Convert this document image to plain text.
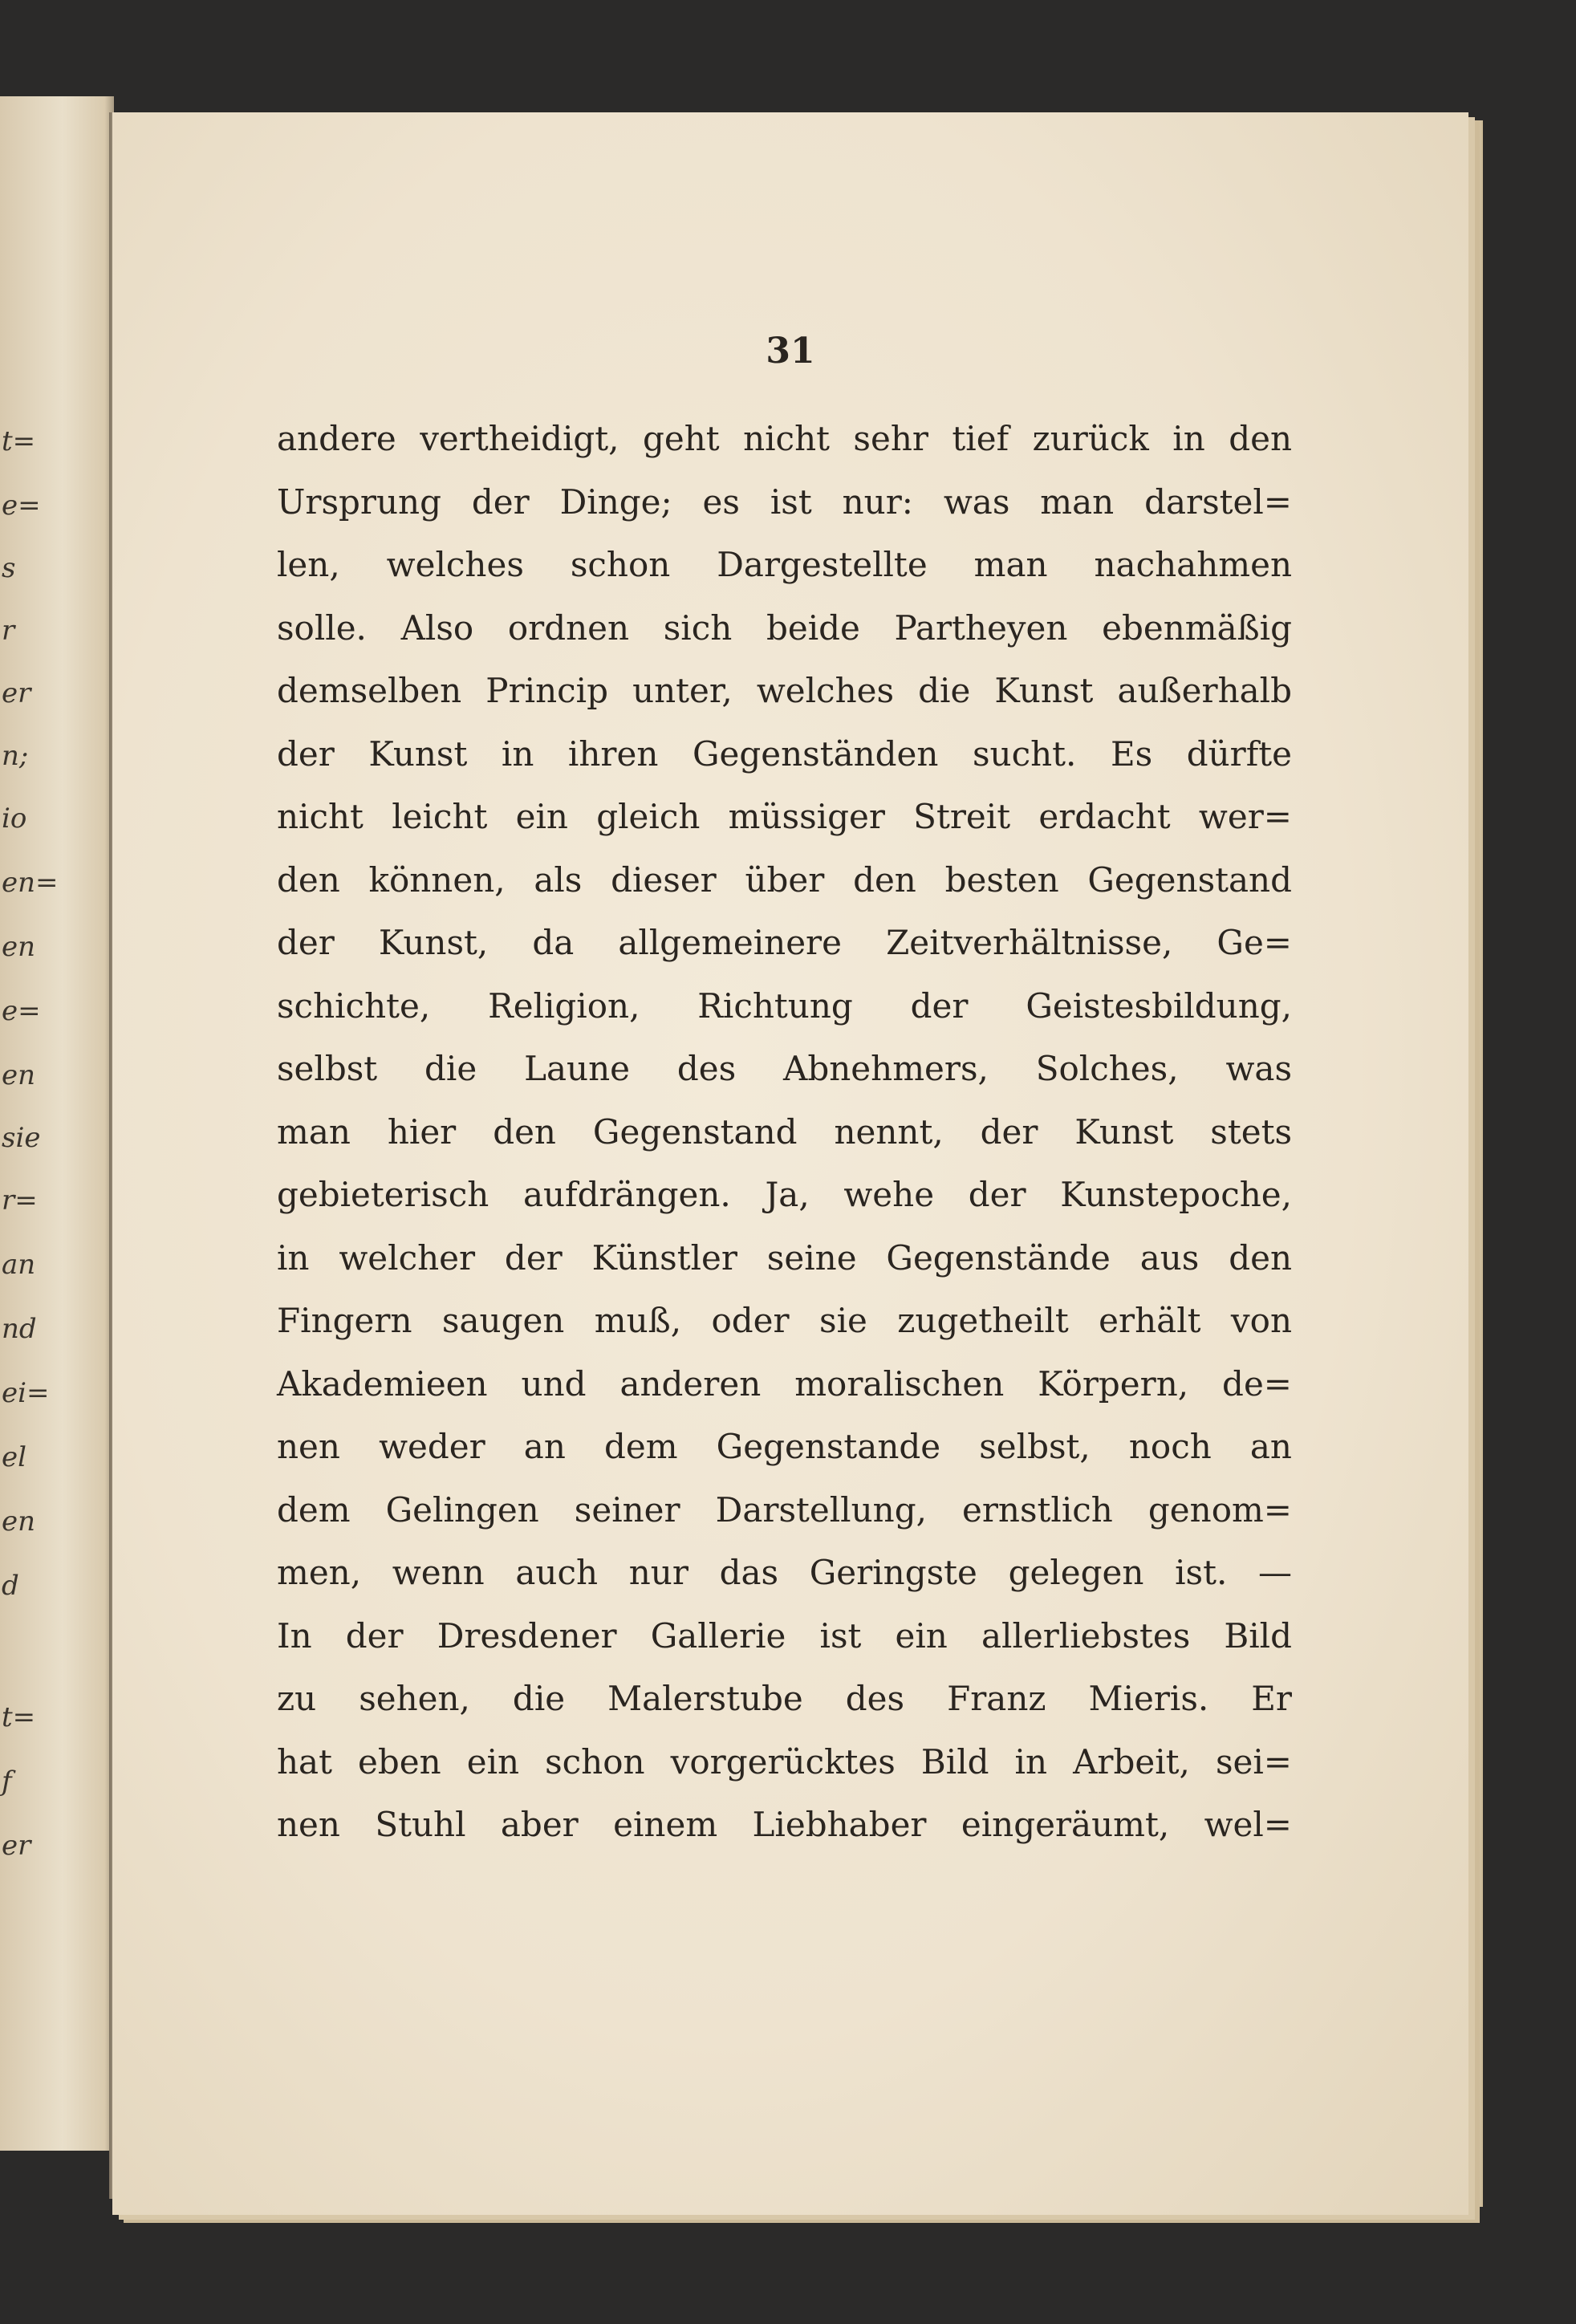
t=
e=
s
r
er
n;
io
en=
en
e=
en
sie
r=
an
nd
ei=
el
en
d
t=
f
er
31
andere vertheidigt, geht nicht sehr tief zurück in den
Ursprung der Dinge; es ist nur: was man darstel=
len, welches schon Dargestellte man nachahmen
solle. Also ordnen sich beide Partheyen ebenmäßig
demselben Princip unter, welches die Kunst außerhalb
der Kunst in ihren Gegenständen sucht. Es dürfte
nicht leicht ein gleich müssiger Streit erdacht wer=
den können, als dieser über den besten Gegenstand
der Kunst, da allgemeinere Zeitverhältnisse, Ge=
schichte, Religion, Richtung der Geistesbildung,
selbst die Laune des Abnehmers, Solches, was
man hier den Gegenstand nennt, der Kunst stets
gebieterisch aufdrängen. Ja, wehe der Kunstepoche,
in welcher der Künstler seine Gegenstände aus den
Fingern saugen muß, oder sie zugetheilt erhält von
Akademieen und anderen moralischen Körpern, de=
nen weder an dem Gegenstande selbst, noch an
dem Gelingen seiner Darstellung, ernstlich genom=
men, wenn auch nur das Geringste gelegen ist. —
In der Dresdener Gallerie ist ein allerliebstes Bild
zu sehen, die Malerstube des Franz Mieris. Er
hat eben ein schon vorgerücktes Bild in Arbeit, sei=
nen Stuhl aber einem Liebhaber eingeräumt, wel=
